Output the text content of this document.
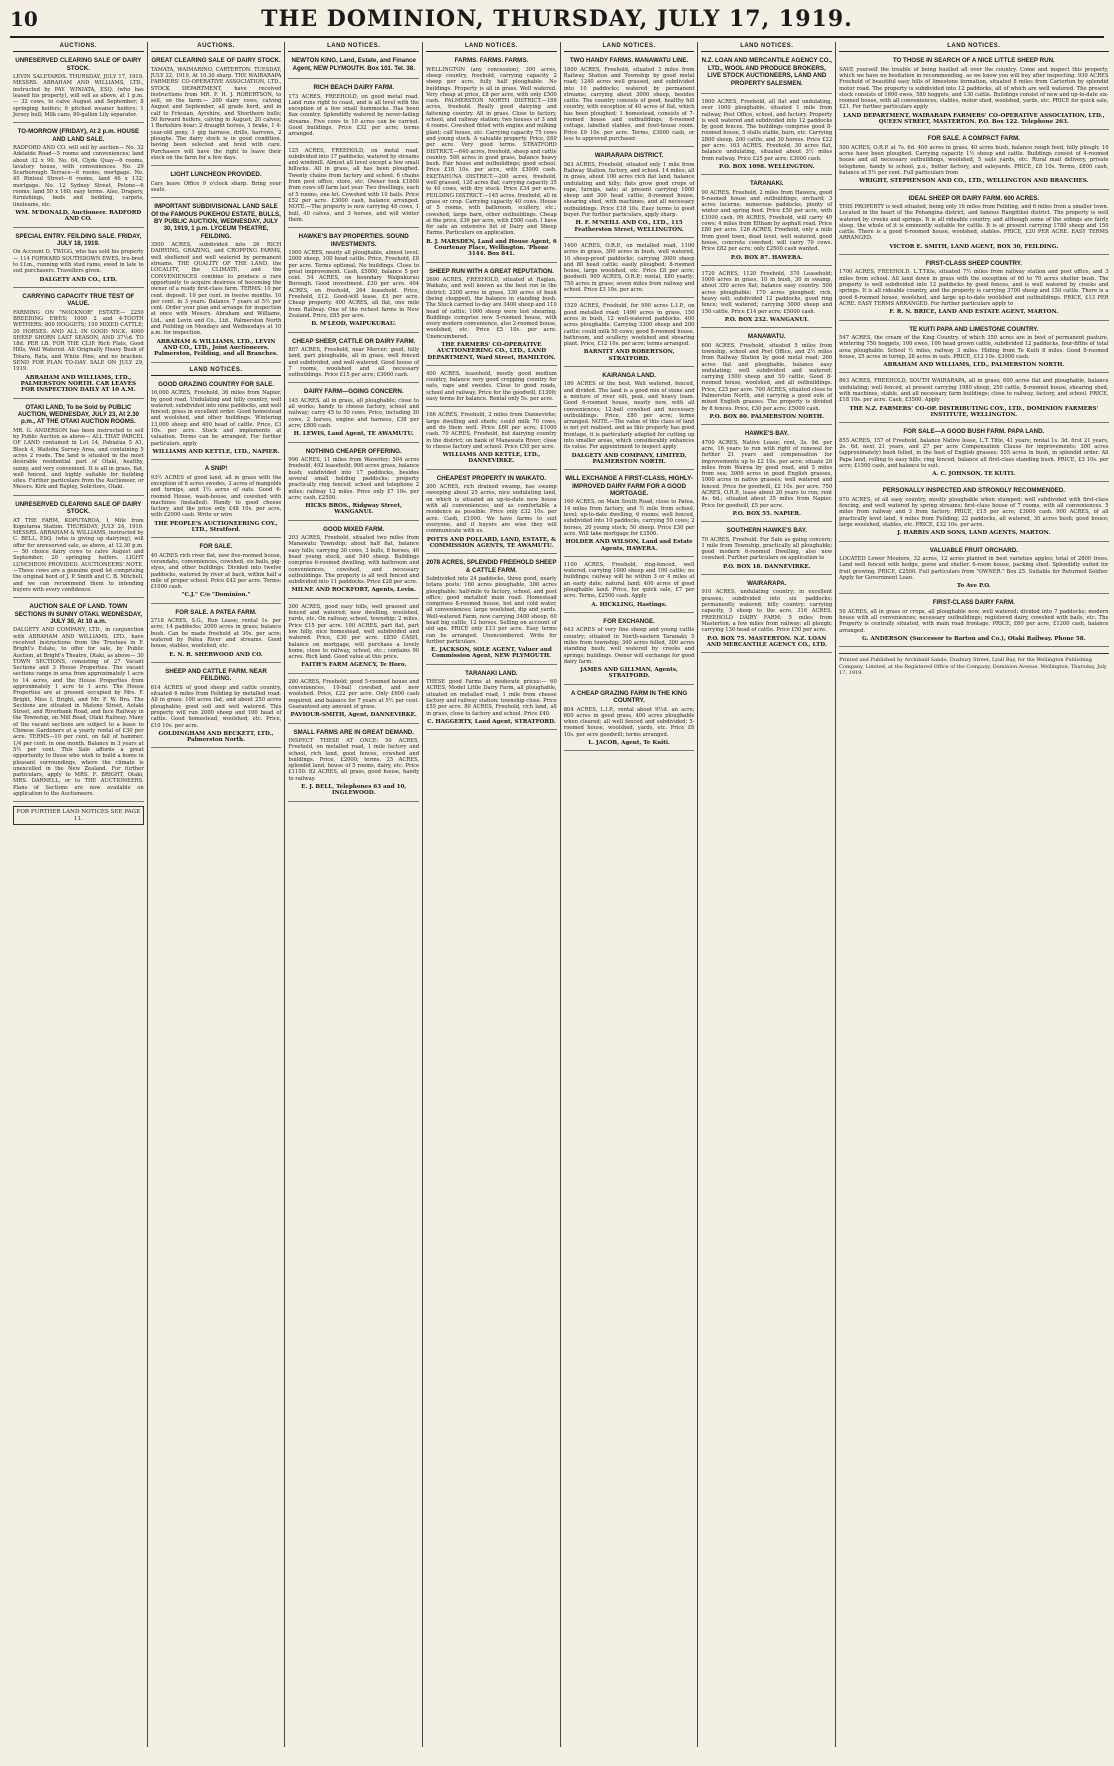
10	THE DOMINION, THURSDAY, JULY 17, 1919.
AUCTIONS.
UNRESERVED CLEARING SALE OF DAIRY STOCK.
LEVIN SALEYARDS. THURSDAY, JULY 17, 1919. MESSRS. ABRAHAM AND WILLIAMS, LTD., instructed by PAY. WINIATA, ESQ. (who has leased his property), will sell as above, at 1 p.m.— 32 cows, to calve August and September; 8 springing heifers; 6 pitched weaner heifers; 1 Jersey bull; Milk cans, 80-gallon Lily separator.
TO-MORROW (FRIDAY), At 2 p.m. HOUSE AND LAND SALE.
RADFORD AND CO. will sell by auction— No. 32 Adelaide Road—5 rooms and conveniences; land about 32 x 90. No. 64, Clyde Quay—6 rooms, lavatory house, with conveniences. No. 29 Scarborough Terrace—6 rooms; mortgage. No. 45 Rintoul Street—6 rooms, land 46 x 132; mortgage. No. 12 Sydney Street, Petone—6 rooms; land 50 x 160; easy terms. Also, Drapery, furnishings, beds and bedding, carpets, linoleums, etc.
WM. M'DONALD, Auctioneer. RADFORD AND CO.
SPECIAL ENTRY. FEILDING SALE. FRIDAY, JULY 18, 1919.
On Account D. TWIGG, who has sold his property— 114 FORWARD SOUTHDOWN EWES, tru-bred to f.f.m., running with stud rams, ewed in late to suit purchasers. Travellers given.
DALGETY AND CO., LTD.
CARRYING CAPACITY TRUE TEST OF VALUE.
FARMING ON "NOCKNOR" ESTATE— 2250 BREEDING EWES; 1000 2 and 4-TOOTH WETHERS; 800 HOGGETS; 150 MIXED CATTLE; 20 HORSES. AND ALL IN GOOD NICK. 4000 SHEEP SHORN LAST SEASON, AND 37½d. TO 18d. PER LB. FOR THE CLIP. Rich Flats, Good Hills, Well Watered. All Originally Heavy Bush of Totara, Rata, and White Pine, and no bracken. SEND FOR PLAN TO-DAY. SALE ON JULY 29, 1919.
ABRAHAM AND WILLIAMS, LTD., PALMERSTON NORTH. CAR LEAVES FOR INSPECTION DAILY AT 10 A.M.
OTAKI LAND, To be Sold by PUBLIC AUCTION, WEDNESDAY, JULY 23, At 2.30 p.m., AT THE OTAKI AUCTION ROOMS.
MR. G. ANDERSON has been instructed to sell by Public Auction as above— ALL THAT PARCEL OF LAND contained in Lot 14, Pahiatua 5 A1, Block 4, Waitohu Survey Area, and containing 5 acres 2 roods. The land is situated in the most desirable residential part of Otaki, healthy, sunny, and very convenient. It is all in grass, flat, well fenced, and highly suitable for building sites. Further particulars from the Auctioneer, or Messrs. Kirk and Rapley, Solicitors, Otaki.
UNRESERVED CLEARING SALE OF DAIRY STOCK.
AT THE FARM, KOPUTAROA, 1 Mile from Koputaroa Station. THURSDAY, JULY 24, 1919. MESSRS. ABRAHAM & WILLIAMS, instructed by C. BELL, ESQ. (who is giving up dairying), will offer for unreserved sale, as above, at 12.30 p.m.— 50 choice dairy cows to calve August and September; 20 springing heifers. LIGHT LUNCHEON PROVIDED. AUCTIONEERS' NOTE.—These cows are a genuine good lot comprising the original herd of J. P. Smith and C. B. Mitchell, and we can recommend them to intending buyers with every confidence.
AUCTION SALE OF LAND. TOWN SECTIONS IN SUNNY OTAKI. WEDNESDAY, JULY 30, At 10 a.m.
DALGETY AND COMPANY, LTD., in conjunction with ABRAHAM AND WILLIAMS, LTD., have received instructions from the Trustees in F. Bright's Estate, to offer for sale, by Public Auction, at Bright's Theatre, Otaki, as above— 30 TOWN SECTIONS, consisting of 27 Vacant Sections and 3 House Properties. The vacant sections range in area from approximately 1 acre to 14 acres, and the House Properties from approximately 1 acre to 1 acre. The House Properties are at present occupied by Mrs. F. Bright, Miss I. Bright, and Mr. F. W. Bra. The Sections are situated in Matene Street, Aotaki Street, and Riverbank Road, and face Railway in the Township, on Mill Road, Otaki Railway. Many of the vacant sections are subject to a lease to Chinese Gardeners at a yearly rental of £30 per acre. TERMS—10 per cent. on fall of hammer. 1/4 per cent. in one month. Balance in 3 years at 5½ per cent. This Sale affords a great opportunity to those who wish to build a home in pleasant surroundings, where the climate is unexcelled in the New Zealand. For further particulars, apply to MRS. F. BRIGHT, Otaki, MRS. DARNELL, or to THE AUCTIONEERS. Plans of Sections are now available on application to the Auctioneers.
FOR FURTHER LAND NOTICES SEE PAGE 11.
AUCTIONS.
GREAT CLEARING SALE OF DAIRY STOCK.
TAMATA, WAIMARINO, CARTERTON. TUESDAY, JULY 22, 1919, At 10.30 sharp. THE WAIRARAPA FARMERS' CO-OPERATIVE ASSOCIATION, LTD., STOCK DEPARTMENT, have received instructions from MR. F. H. J. ROBERTSON, to sell, on the farm:— 200 dairy cows, calving August and September, all grade herd, and in calf to Friesian, Ayrshire, and Shorthorn bulls; 50 forward heifers, calving in August; 20 calves; 1 Berkshire boar; 2 draught horses, 1 brake, 1 4-year-old pony, 1 gig harness, drills, harrows, 2 ploughs. The dairy stock is in good condition, having been selected and bred with care. Purchasers will have the right to leave their stock on the farm for a few days.
LIGHT LUNCHEON PROVIDED.
Cars leave Office 9 o'clock sharp. Bring your seats.
IMPORTANT SUBDIVISIONAL LAND SALE Of the FAMOUS PUKEHOU ESTATE, BULLS, BY PUBLIC AUCTION, WEDNESDAY, JULY 30, 1919, 1 p.m. LYCEUM THEATRE, FEILDING.
3500 ACRES, subdivided into 26 RICH DAIRYING, GRAZING, and CROPPING FARMS, well sheltered and well watered by permanent streams. THE QUALITY OF THE LAND, the LOCALITY, the CLIMATE, and the CONVENIENCES combine to produce a rare opportunity to acquire desirous of becoming the owner of a ready first-class farm. TERMS: 10 per cent. deposit. 10 per cent. in twelve months. 10 per cent. in 3 years. Balance 7 years at 5½ per cent. Order your plan and arrange for inspection at once with Messrs. Abraham and Williams, Ltd., and Levin and Co., Ltd., Palmerston North and Feilding on Mondays and Wednesdays at 10 a.m. for inspection.
ABRAHAM & WILLIAMS, LTD., LEVIN AND CO., LTD., Joint Auctioneers. Palmerston, Feilding, and all Branches.
LAND NOTICES.
GOOD GRAZING COUNTRY FOR SALE.
16,000 ACRES, Freehold, 36 miles from Napier, by good road. Undulating and hilly country, well watered; subdivided into nine paddocks, and well fenced; grass in excellent order. Good homestead and woolshed, and other buildings. Wintering 13,000 sheep and 400 head of cattle. Price, £3 10s. per acre. Stock and implements at valuation. Terms can be arranged. For further particulars, apply
WILLIAMS AND KETTLE, LTD., NAPIER.
A SNIP!
93½ ACRES of good land, all in grass with the exception of 6 acres swedes, 3 acres of mangolds and turnips, and 1¼ acres of oats. Good 6-roomed House, wash-house, and cowshed with machines (installed). Handy to good cheese factory, and the price only £48 10s. per acre, with £2000 cash. Write or wire
THE PEOPLE'S AUCTIONEERING COY., LTD., Stratford.
FOR SALE.
40 ACRES rich river flat, new five-roomed house, verandahs, conveniences, cowshed, six bails, pig-styes, and other buildings. Divided into twelve paddocks, watered by river at back, within half a mile of proper school. Price £42 per acre. Terms: £1000 cash.
"C.J." C/o "Dominion."
FOR SALE. A PATEA FARM.
2718 ACRES, S.G., Run Lease; rental 1s. per acre; 14 paddocks; 2000 acres in grass; balance bush. Can be made freehold at 30s. per acre; watered by Patea River and streams. Good house, stables, woolshed, etc.
E. N. R. SHERWOOD AND CO.
SHEEP AND CATTLE FARM. NEAR FEILDING.
614 ACRES of good sheep and cattle country, situated 6 miles from Feilding by metalled road. All in grass; 100 acres flat, and about 250 acres ploughable; good soil and well watered. This property will run 2000 sheep and 100 head of cattle. Good homestead, woolshed, etc. Price, £10 10s. per acre.
GOLDINGHAM AND BECKETT, LTD., Palmerston North.
LAND NOTICES.
NEWTON KING, Land, Estate, and Finance Agent, NEW PLYMOUTH. Box 101. Tel. 38.
RICH BEACH DAIRY FARM.
173 ACRES, FREEHOLD, on good metal road. Land runs right to coast, and is all level with the exception of a few small hummocks. Has been flax country. Splendidly watered by never-failing streams. Five cows to 10 acres can be carried. Good buildings. Price £32 per acre; terms arranged.
125 ACRES, FREEHOLD, on metal road, subdivided into 17 paddocks, watered by streams and windmill. Almost all level except a few small hillocks. All in grass, all has been ploughed. Twenty chains from factory and school. 6 chains from post office, store, etc. Owner took £1800 from cows off farm last year. Two dwellings, each of 5 rooms, one let. Cowshed with 10 bails. Price £52 per acre. £3000 cash, balance arranged. NOTE.—The property is now carrying 48 cows, 1 bull, 40 calves, and 3 horses, and will winter them.
HAWKE'S BAY PROPERTIES. SOUND INVESTMENTS.
1900 ACRES, nearly all ploughable, almost level; 2000 sheep, 100 head cattle. Price, Freehold, £8 per acre. Terms optional. No buildings. Close to great improvement. Cash, £5000, balance 5 per cent. 54 ACRES, on boundary Waipukurau Borough. Good investment. £30 per acre. 404 ACRES, on freehold, 264 leasehold. Price, Freehold, £12. Good-will lease, £3 per acre. Cheap property. 400 ACRES, all flat, one mile from Railway. One of the richest farms in New Zealand. Price, £85 per acre.
D. M'LEOD, WAIPUKURAU.
CHEAP SHEEP, CATTLE OR DAIRY FARM.
807 ACRES, Freehold, near Mercer; good, hilly land, part ploughable, all in grass, well fenced and subdivided, and well watered. Good house of 7 rooms, woolshed and all necessary outbuildings. Price £15 per acre; £3000 cash.
DAIRY FARM—GOING CONCERN.
145 ACRES, all in grass, all ploughable; close to all works; handy to cheese factory, school and railway; carry 45 to 50 cows. Price, including 30 cows, 2 horses, engine and harness, £38 per acre; £800 cash.
H. LEWIS, Land Agent, TE AWAMUTU.
NOTHING CHEAPER OFFERING.
996 ACRES, 11 miles from Waverley; 504 acres freehold, 492 leasehold; 900 acres grass, balance bush; subdivided into 17 paddocks, besides several small holding paddocks; property practically ring fenced; school and telephone 2 miles; railway 12 miles. Price only £7 10s. per acre; cash, £2500.
HICKS BROS., Ridgway Street, WANGANUI.
GOOD MIXED FARM.
203 ACRES, Freehold, situated two miles from Manawatu Township; about half flat, balance easy hills; carrying 30 cows, 3 bulls, 8 horses, 40 head young stock, and 540 sheep. Buildings comprise 6-roomed dwelling, with bathroom and conveniences, cowshed, and necessary outbuildings. The property is all well fenced and subdivided into 11 paddocks. Price £28 per acre.
MILNE AND ROCKFORT, Agents, Levin.
300 ACRES, good easy hills, well grassed and fenced and watered; new dwelling, woolshed, yards, etc. On railway, school, township; 2 miles. Price £15 per acre. 100 ACRES, part flat, part low hilly, nice homestead, well subdivided and watered. Price, £30 per acre. £850 CASH, balance on mortgage, will purchase a lovely home, close to railway, school, etc.; contains 90 acres. Rich land. Good value at this price.
FAITH'S FARM AGENCY, Te Horo.
280 ACRES, Freehold; good 5-roomed house and conveniences, 10-bail cowshed, and new woolshed. Price, £22 per acre. Only £600 cash required, and balance for 7 years at 5½ per cent. Guaranteed any amount of grass.
PAVIOUR-SMITH, Agent, DANNEVIRKE.
SMALL FARMS ARE IN GREAT DEMAND.
INSPECT THESE AT ONCE: 50 ACRES, Freehold, on metalled road, 1 mile factory and school, rich land, good fences, cowshed and buildings. Price, £2000; terms. 25 ACRES, splendid land, house of 5 rooms, dairy, etc. Price £1150. 82 ACRES, all grass, good house, handy to railway.
E. J. BELL, Telephones 63 and 10, INGLEWOOD.
LAND NOTICES.
FARMS. FARMS. FARMS.
WELLINGTON (any concession), 300 acres, sheep country, freehold, carrying capacity 2 sheep per acre, fully half ploughable. No buildings. Property is all in grass. Well watered. Very cheap at price, £8 per acre, with only £500 cash. PALMERSTON NORTH DISTRICT.—188 acres, freehold. Really good dairying and fattening country. All in grass. Close to factory, school, and railway station; two houses of 3 and 4 rooms. Cowshed fitted with engine and milking plant; calf house, etc. Carrying capacity 75 cows and young stock. A valuable property. Price, £60 per acre. Very good terms. STRATFORD DISTRICT.—640 acres, freehold, sheep and cattle country. 500 acres in good grass, balance heavy bush. Fair house and outbuildings; good school. Price £18 10s. per acre, with £3000 cash. EKETAHUNA DISTRICT.—200 acres, freehold, well grassed, 120 acres flat; carrying capacity 35 to 40 cows, with dry stock. Price £34 per acre. FEILDING DISTRICT.—145 acres, freehold, all in grass or crop. Carrying capacity 40 cows. House of 5 rooms, with bathroom, scullery, etc.; cowshed, large barn, other outbuildings. Cheap at the price, £36 per acre, with £500 cash. I have for sale an extensive list of Dairy and Sheep Farms. Particulars on application.
R. J. MARSDEN, Land and House Agent, 6 Courtenay Place, Wellington. 'Phone 3144. Box 841.
SHEEP RUN WITH A GREAT REPUTATION.
2690 ACRES, FREEHOLD, situated at Raglan, Waikato, and well known as the best run in the district; 2200 acres in grass, 330 acres of bush (being chopped), the balance in standing bush. The Stock carried to-day are 3400 sheep and 110 head of cattle; 1000 sheep were lost shearing. Buildings comprise new 5-roomed house, with every modern convenience, also 2-roomed house, woolshed, etc. Price £5 10s. per acre. Unencumbered.
THE FARMERS' CO-OPERATIVE AUCTIONEERING CO., LTD., LAND DEPARTMENT, Ward Street, HAMILTON.
400 ACRES, leasehold, mostly good medium country, balance very good cropping country for oats, rape and swedes. Close to good roads, school and railway. Price for the goodwill, £1300; easy terms for balance. Rental only 5s. per acre.
166 ACRES, Freehold, 2 miles from Dannevirke; large dwelling and sheds; could milk 70 cows, and do them well. Price £60 per acre; £1000 cash. 70 ACRES, Freehold, hut dairying country in the district; on bank of Manawatu River; close to cheese factory and school. Price £50 per acre.
WILLIAMS AND KETTLE, LTD., DANNEVIRKE.
CHEAPEST PROPERTY IN WAIKATO.
200 ACRES, rich drained swamp, has swamp sweeping about 25 acres, nice undulating land, on which is situated an up-to-date new house with all conveniences; and as comfortable a residence as possible. Price only £32 10s. per acre. Cash, £1000. We have farms to suit everyone, and if buyers are wise they will communicate with us.
POTTS AND POLLARD, LAND, ESTATE, & COMMISSION AGENTS, TE AWAMUTU.
2078 ACRES, SPLENDID FREEHOLD SHEEP & CATTLE FARM.
Subdivided into 24 paddocks, three good, nearly totara posts; 160 acres ploughable, 300 acres ploughable; half-mile to factory, school, and post office; good metalled main road. Homestead comprises 8-roomed house, hot and cold water, all conveniences; large woolshed, dip and yards. Well-watered Farm, now carrying 3400 sheep, 60 head big cattle, 12 horses. Selling on account of old age. PRICE only £13 per acre. Easy terms can be arranged. Unencumbered. Write for further particulars.
E. JACKSON, SOLE AGENT, Valuer and Commission Agent, NEW PLYMOUTH.
TARANAKI LAND.
THESE good Farms at moderate prices:— 60 ACRES, Model Little Dairy Farm, all ploughable, situated on metalled road, 1 mile from cheese factory and railway station; township close. Price £55 per acre. 80 ACRES, Freehold, rich land, all in grass, close to factory and school. Price £40.
C. HAGGERTY, Land Agent, STRATFORD.
LAND NOTICES.
TWO HANDY FARMS. MANAWATU LINE.
1800 ACRES, Freehold, situated 3 miles from Railway Station and Township by good metal road; 1240 acres well grassed, and subdivided into 10 paddocks; watered by permanent streams; carrying about 3000 sheep, besides cattle. The country consists of good, healthy hill country, with exception of 40 acres of flat, which has been ploughed; 1 homestead, consists of 7-roomed house and outbuildings; 6-roomed cottage, labelled stables, and fowl-house room. Price £9 10s. per acre. Terms, £3000 cash, or less to approved purchaser.
WAIRARAPA DISTRICT.
563 ACRES, Freehold, situated only 1 mile from Railway Station, factory, and school. 14 miles; all in grass, about 100 acres rich flat land, balance undulating and hilly; flats grow good crops of rape, turnips, oats; at present carrying 1000 sheep and 300 head cattle; 8-roomed house, shearing shed, with machines, and all necessary outbuildings. Price £18 10s. Easy terms to good buyer. For further particulars, apply sharp.
H. F. M'NEILL AND CO., LTD., 115 Featherston Street, WELLINGTON.
1400 ACRES, O.R.P., on metalled road, 1100 acres in grass, 300 acres in bush, well watered, 10 sheep-proof paddocks; carrying 3000 sheep and 80 head cattle; easily ploughed; 8-roomed house, large woolshed, etc. Price £8 per acre; goodwill. 909 ACRES, O.R.P.; rental, £80 yearly; 750 acres in grass; seven miles from railway and school. Price £3 10s. per acre.
1529 ACRES, Freehold, for 990 acres L.I.P., on good metalled road; 1490 acres in grass, 150 acres in bush, 12 well-watered paddocks. 400 acres ploughable. Carrying 3300 sheep and 200 cattle; could milk 50 cows; good 8-roomed house, bathroom, and scullery; woolshed and shearing plant. Price, £12 10s. per acre; terms arranged.
BARNITT AND ROBERTSON, STRATFORD.
KAIRANGA LAND.
180 ACRES of the best, Well watered, fenced, and divided. The land is a good mix of stone and a mixture of river silt, peat, and heavy loam. Good 6-roomed house, nearly new, with all conveniences; 12-bail cowshed and necessary outbuildings. Price, £80 per acre; terms arranged. NOTE.—The value of this class of land is not yet realised, and as this property has good frontage, it is particularly adapted for cutting up into smaller areas, which considerably enhances its value. For appointment to inspect apply
DALGETY AND COMPANY, LIMITED, PALMERSTON NORTH.
WILL EXCHANGE A FIRST-CLASS, HIGHLY-IMPROVED DAIRY FARM FOR A GOOD MORTGAGE.
160 ACRES, on Main South Road, close to Patea, 14 miles from factory, and ½ mile from school, level; up-to-date dwelling, 6 rooms; well fenced, subdivided into 10 paddocks, carrying 50 cows; 2 horses, 20 young stock; 50 sheep. Price £30 per acre. Will take mortgage for £3500.
HOLDER AND WILSON, Land and Estate Agents, HAWERA.
1100 ACRES, Freehold, ring-fenced, well watered, carrying 1000 sheep and 100 cattle; no buildings; railway will be within 3 or 4 miles at an early date; natural land; 400 acres of good ploughable land. Price, for quick sale, £7 per acre. Terms, £2500 cash. Apply
A. HICKLING, Hastings.
FOR EXCHANGE.
643 ACRES of very fine sheep and young cattle country; situated in North-eastern Taranaki; 5 miles from township; 340 acres felled, 300 acres standing bush; well watered by creeks and springs; buildings. Owner will exchange for good dairy farm.
JAMES AND GILLMAN, Agents, STRATFORD.
A CHEAP GRAZING FARM IN THE KING COUNTRY.
804 ACRES, L.I.P., rental about 9½d. an acre; 600 acres in good grass, 400 acres ploughable when cleared; all well fenced and subdivided; 5-roomed house, woolshed, yards, etc. Price £6 10s. per acre goodwill; terms arranged.
L. JACOB, Agent, Te Kuiti.
LAND NOTICES.
N.Z. LOAN AND MERCANTILE AGENCY CO., LTD., WOOL AND PRODUCE BROKERS, LIVE STOCK AUCTIONEERS, LAND AND PROPERTY SALESMEN.
1800 ACRES, Freehold, all flat and undulating, over 1000 ploughable, situated 1 mile from railway, Post Office, school, and factory. Property is well watered and subdivided into 12 paddocks by good fences. The buildings comprise good 8-roomed house, 5 stalls stable, barn, etc. Carrying 2800 sheep, 200 cattle, and 30 horses. Price £22 per acre. 163 ACRES, Freehold, 30 acres flat, balance undulating, situated about 3½ miles from railway. Price £25 per acre; £3000 cash.
P.O. BOX 1098. WELLINGTON.
TARANAKI.
90 ACRES, Freehold, 2 miles from Hawera, good 6-roomed house and outbuildings, orchard; 3 acres lucerne, numerous paddocks, plenty of winter and spring feed. Price £50 per acre, with £1000 cash. 99 ACRES, Freehold, will carry 40 cows; 4 miles from Eltham by asphalt road. Price £80 per acre. 126 ACRES, Freehold, only a mile from good town, dead level, well watered, good house, concrete cowshed; will carry 70 cows. Price £82 per acre; only £2500 cash wanted.
P.O. BOX 87. HAWERA.
1720 ACRES, 1120 Freehold, 370 Leasehold; 1000 acres in grass, 10 in bush, 30 in swamp, about 350 acres flat; balance easy country. 500 acres ploughable; 170 acres ploughed; rich, heavy soil; subdivided 12 paddocks, good ring fence; well watered; carrying 3000 sheep and 150 cattle. Price £14 per acre; £5000 cash.
P.O. BOX 232. WANGANUI.
MANAWATU.
600 ACRES, Freehold, situated 5 miles from township, school and Post Office, and 2½ miles from Railway Station by good metal road; 260 acres flat and ploughable, balance easy undulating; well subdivided and watered; carrying 1500 sheep and 50 cattle. Good 8-roomed house, woolshed, and all outbuildings. Price, £25 per acre. 700 ACRES, situated close to Palmerston North, and carrying a good sole of mixed English grasses. The property is divided by 8 fences. Price, £30 per acre; £5000 cash.
P.O. BOX 80. PALMERSTON NORTH.
HAWKE'S BAY.
4700 ACRES, Native Lease; rent, 3s. 9d. per acre, 16 years to run with right of renewal for further 21 years and compensation for improvements up to £2 10s. per acre; situate 20 miles from Wairoa by good road, and 5 miles from sea; 3000 acres in good English grasses, 1000 acres in native grasses; well watered and fenced. Price for goodwill, £2 10s. per acre. 750 ACRES, O.R.P., lease about 20 years to run; rent 4s. 6d.; situated about 35 miles from Napier. Price for goodwill, £5 per acre.
P.O. BOX 55. NAPIER.
SOUTHERN HAWKE'S BAY.
70 ACRES, Freehold. For Sale as going concern; 1 mile from Township, practically all ploughable; good modern 6-roomed Dwelling, also new cowshed. Further particulars on application to
P.O. BOX 18. DANNEVIRKE.
WAIRARAPA.
910 ACRES, undulating country; in excellent grasses; subdivided into six paddocks; permanently watered; hilly country; carrying capacity, 3 sheep to the acre. 316 ACRES, FREEHOLD DAIRY FARM; 5 miles from Masterton; a few miles from railway; all plough; carrying 130 head of cattle. Price £50 per acre.
P.O. BOX 75. MASTERTON. N.Z. LOAN AND MERCANTILE AGENCY CO., LTD.
LAND NOTICES.
TO THOSE IN SEARCH OF A NICE LITTLE SHEEP RUN.
SAVE yourself the trouble of being bustled all over the country. Come and inspect this property, which we have no hesitation in recommending, as we know you will buy after inspecting. 930 ACRES Freehold of beautiful easy hills of limestone formation, situated 8 miles from Carterton by splendid motor road. The property is subdivided into 12 paddocks, all of which are well watered. The present stock consists of 1600 ewes, 580 hoggets, and 130 cattle. Buildings consist of new and up-to-date six-roomed house, with all conveniences, stables, motor shed, woolshed, yards, etc. PRICE for quick sale, £21. For further particulars apply
LAND DEPARTMENT, WAIRARAPA FARMERS' CO-OPERATIVE ASSOCIATION, LTD., QUEEN STREET, MASTERTON. P.O. Box 122. Telephone 263.
FOR SALE. A COMPACT FARM.
500 ACRES, O.R.P. at 7s. 6d. 400 acres in grass, 40 acres bush, balance rough feed, hilly plough; 10 acres have been ploughed. Carrying capacity 1½ sheep and cattle. Buildings consist of 4-roomed house and all necessary outbuildings, woolshed, 5 sails yards, etc. Rural mail delivery, private telephone, handy to school, p.o., butter factory, and saleyards. PRICE, £8 10s. Terms, £800 cash, balance at 5½ per cent. Full particulars from
WRIGHT, STEPHENSON AND CO., LTD., WELLINGTON AND BRANCHES.
IDEAL SHEEP OR DAIRY FARM. 600 ACRES.
THIS PROPERTY is well situated, being only 16 miles from Feilding, and 6 miles from a smaller town. Located in the heart of the Pohangina district, and famous Rangitikei district. The property is well watered by creeks and springs. It is all rideable country, and although some of the sidings are fairly steep, the whole of it is eminently suitable for cattle. It is at present carrying 1780 sheep and 150 cattle. There is a good 6-roomed house, woolshed, stables. PRICE, £20 PER ACRE. EASY TERMS ARRANGED.
VICTOR E. SMITH, LAND AGENT, BOX 30, FEILDING.
FIRST-CLASS SHEEP COUNTRY.
1700 ACRES, FREEHOLD, L.T.Title, situated 7½ miles from railway station and post office, and 3 miles from school. All land down in grass with the exception of 60 to 70 acres shelter bush. The property is well subdivided into 12 paddocks by good fences, and is well watered by creeks and springs. It is all rideable country, and the property is carrying 3700 sheep and 150 cattle. There is a good 6-roomed house, woolshed, and large up-to-date woolshed and outbuildings. PRICE, £13 PER ACRE. EASY TERMS ARRANGED. For further particulars apply to
F. R. N. BRICE, LAND AND ESTATE AGENT, MARTON.
TE KUITI PAPA AND LIMESTONE COUNTRY.
547 ACRES, the cream of the King Country, of which 350 acres are in best of permanent pasture, wintering 750 hoggets, 100 ewes, 100 head grown cattle, subdivided 12 paddocks, four-fifths of total area ploughable. School ½ miles, railway 3 miles. Hiding from Te Kuiti 8 miles. Good 8-roomed house, 25 acres in turnip, 28 acres in oats. PRICE, £12 10s. £3000 cash.
ABRAHAM AND WILLIAMS, LTD., PALMERSTON NORTH.
863 ACRES, FREEHOLD, SOUTH WAIRARAPA, all in grass; 600 acres flat and ploughable, balance undulating; well fenced, at present carrying 1980 sheep, 250 cattle, 8-roomed house, shearing shed, with machines, stable, and all necessary farm buildings; close to railway, factory, and school. PRICE, £18 10s. per acre. Cash, £3500. Apply
THE N.Z. FARMERS' CO-OP. DISTRIBUTING COY., LTD., DOMINION FARMERS' INSTITUTE, WELLINGTON.
FOR SALE—A GOOD BUSH FARM. PAPA LAND.
855 ACRES, 157 of Freehold, balance Native lease, L.T. Title, 41 years; rental 1s. 3d. first 21 years, 2s. 6d. next 21 years, and 27 per acre Compensation Clause for improvements; 300 acres (approximately) bush felled, in the best of English grasses; 555 acres in bush, in splendid order. All Papa land, rolling to easy hills; ring fenced, balance all first-class standing bush. PRICE, £3 10s. per acre; £1500 cash, and balance to suit.
A. C. JOHNSON, TE KUITI.
PERSONALLY INSPECTED AND STRONGLY RECOMMENDED.
970 ACRES, of all easy country, mostly ploughable when stumped; well subdivided with first-class fencing, and well watered by spring streams; first-class house of 7 rooms, with all conveniences. 5 miles from railway and 3 from factory. PRICE, £15 per acre; £3000 cash. 900 ACRES, of all practically level land, 4 miles from Feilding; 22 paddocks, all watered, 30 acres bush; good house; large woolshed, stables, etc. PRICE, £32 10s. per acre.
J. HARRIS AND SONS, LAND AGENTS, MARTON.
VALUABLE FRUIT ORCHARD.
LOCATED Lower Moutere, 32 acres, 12 acres planted in best varieties apples; total of 2800 trees. Land well fenced with hedge, gorse and shelter. 6-room house, packing shed. Splendidly suited for fruit growing. PRICE, £2500. Full particulars from "OWNER." Box 25. Suitable for Returned Soldier. Apply for Government Loan.
To Ave P.O.
FIRST-CLASS DAIRY FARM.
50 ACRES, all in grass or crops, all ploughable now, well watered; divided into 7 paddocks; modern house with all conveniences; necessary outbuildings; registered dairy, cowshed with bails, etc. The Property is centrally situated, with main road frontage. PRICE, £60 per acre, £1200 cash, balance arranged.
G. ANDERSON (Successor to Barton and Co.), Otaki Railway. Phone 58.
Printed and Published by Archibald Sando, Duxbury Street, Lyall Bay, for the Wellington Publishing Company, Limited, at the Registered Office of the Company, Dominion Avenue, Wellington, Thursday, July 17, 1919.
